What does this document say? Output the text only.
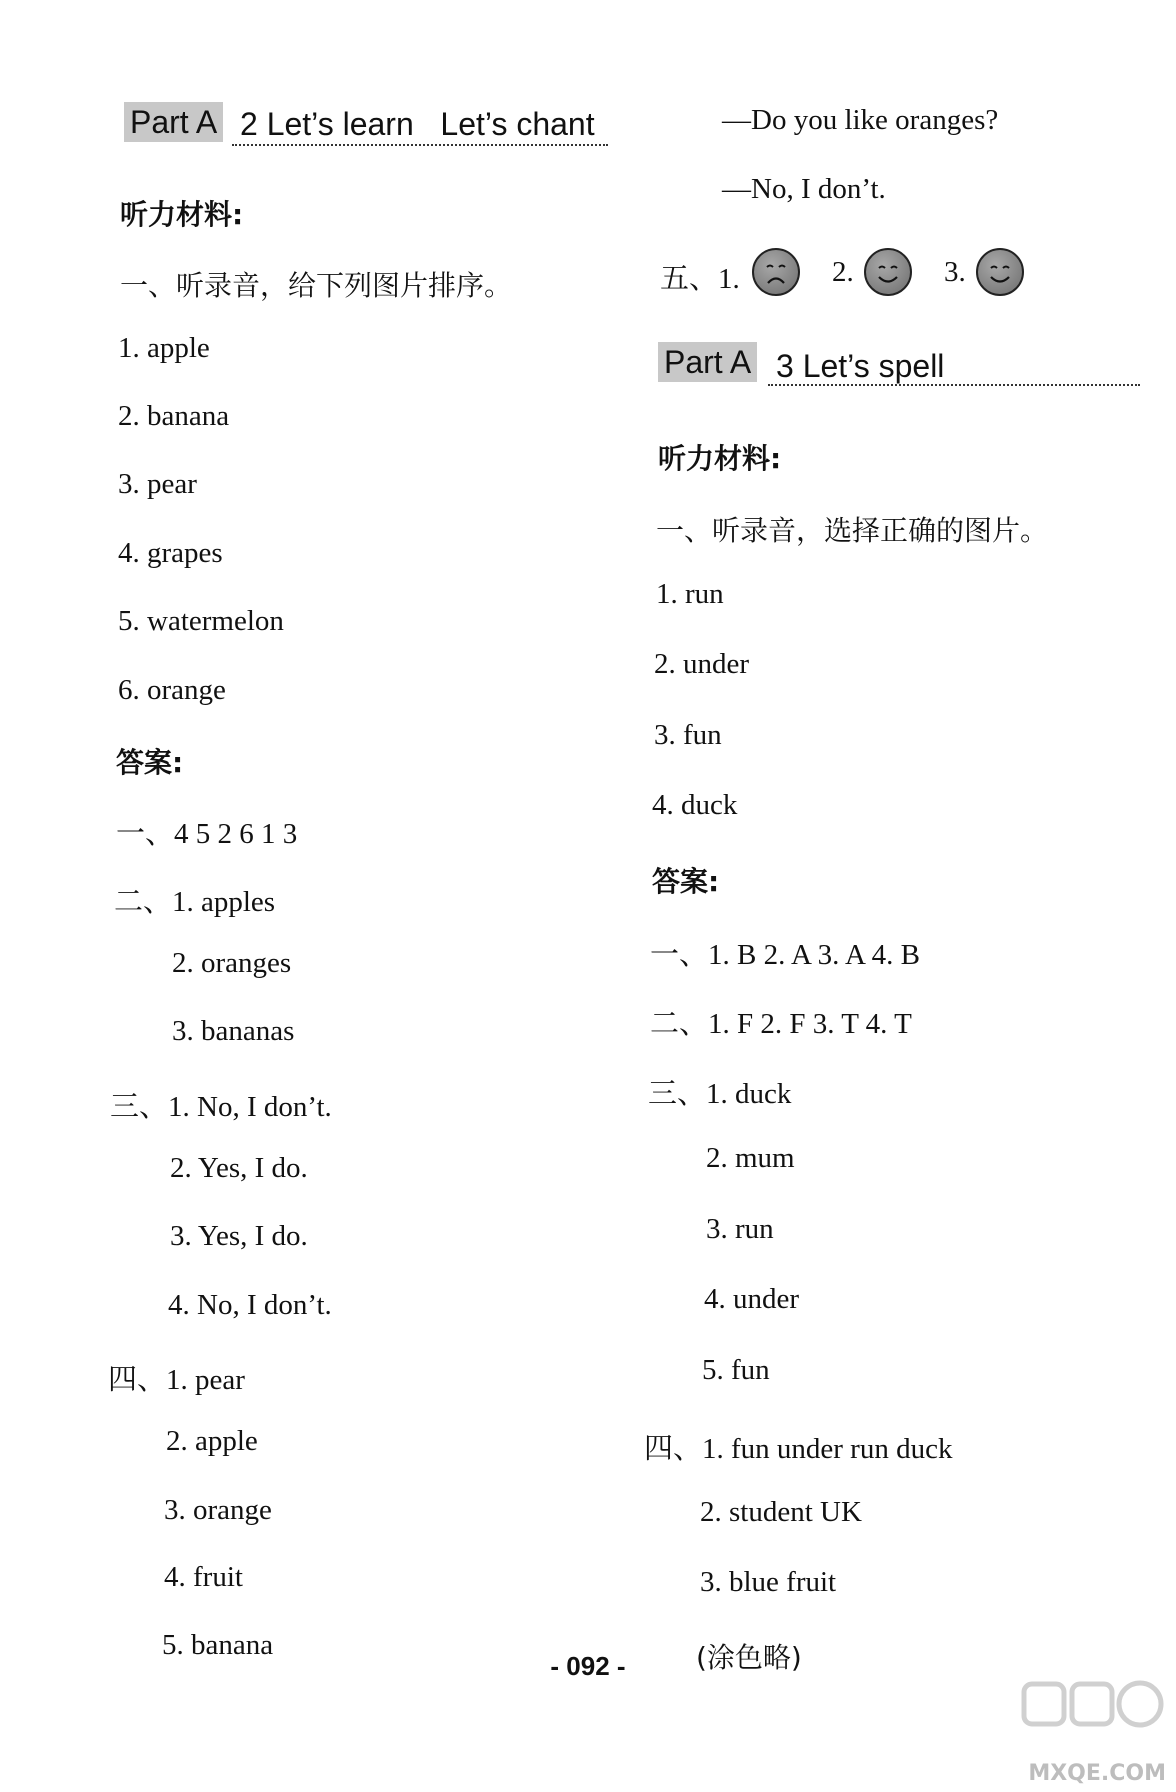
Part A 2 Let’s learn   Let’s chant
听力材料:
一、听录音，给下列图片排序。
1. apple
2. banana
3. pear
4. grapes
5. watermelon
6. orange
答案:
一、4 5 2 6 1 3
二、1. apples
2. oranges
3. bananas
三、1. No, I don’t.
2. Yes, I do.
3. Yes, I do.
4. No, I don’t.
四、1. pear
2. apple
3. orange
4. fruit
5. banana
—Do you like oranges?
—No, I don’t.
五、1.	2.	3.
Part A 3 Let’s spell
听力材料:
一、听录音，选择正确的图片。
1. run
2. under
3. fun
4. duck
答案:
一、1. B 2. A 3. A 4. B
二、1. F 2. F 3. T 4. T
三、1. duck
2. mum
3. run
4. under
5. fun
四、1. fun under run duck
2. student UK
3. blue fruit
(涂色略)
- 092 -
MXQE.COM
